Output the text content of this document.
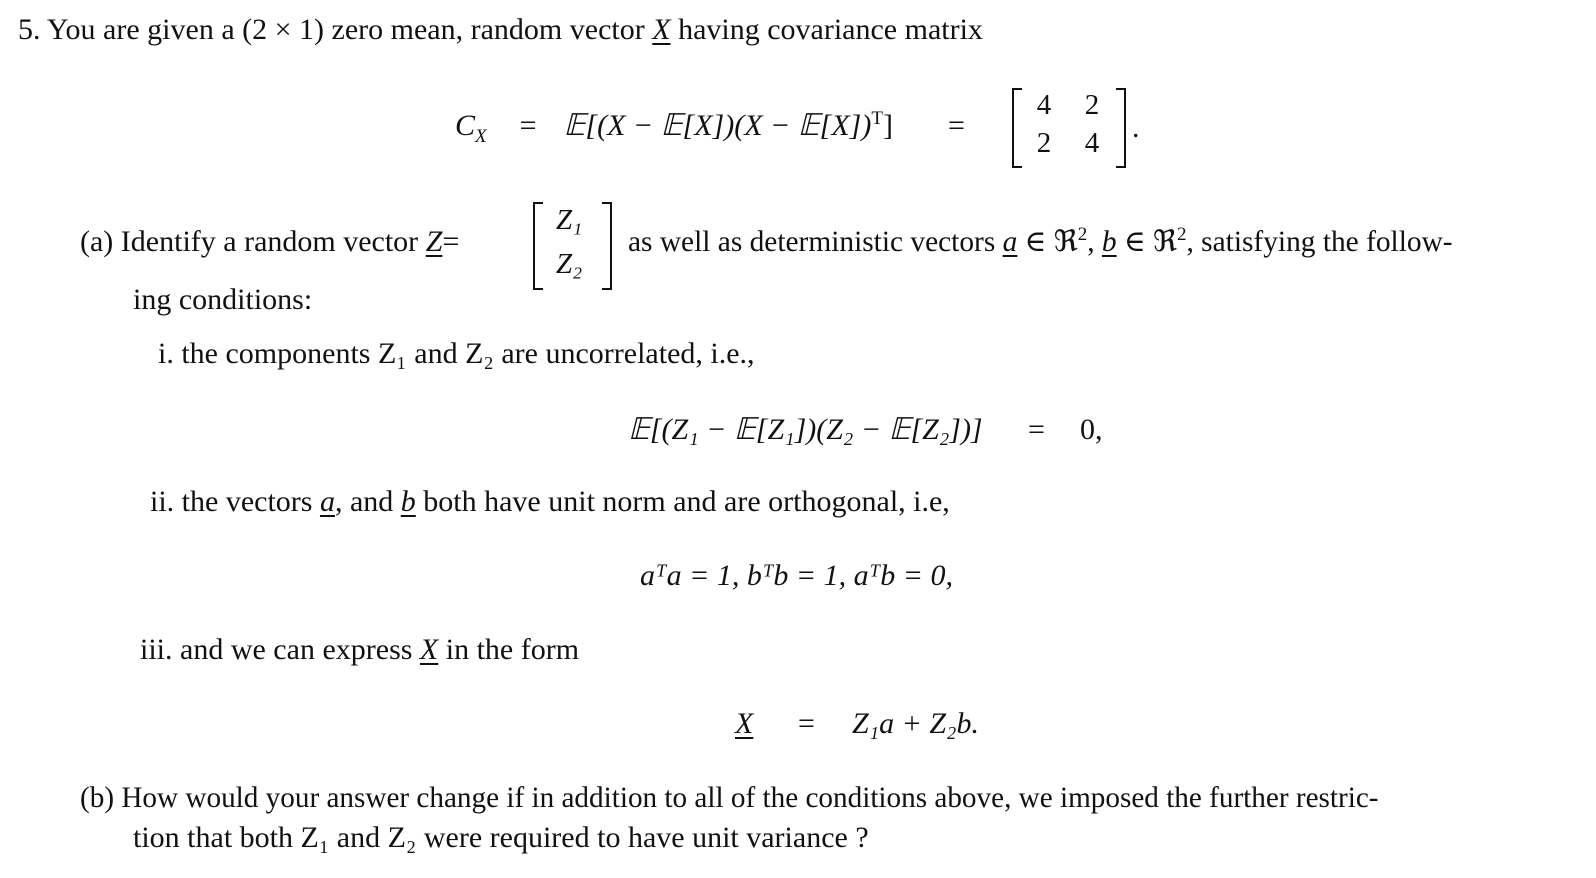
5. You are given a (2 × 1) zero mean, random vector X having covariance matrix
$C_X$ = 𝔼[(X − 𝔼[X])(X − 𝔼[X])$^T$] =
4 2
2 4 .
(a) Identify a random vector Z=
Z₁
Z₂
as well as deterministic vectors a ∈ ℜ$^2$, b ∈ ℜ$^2$, satisfying the follow-
ing conditions:
i. the components Z₁ and Z₂ are uncorrelated, i.e.,
𝔼[(Z₁ − 𝔼[Z₁])(Z₂ − 𝔼[Z₂])] = 0,
ii. the vectors a, and b both have unit norm and are orthogonal, i.e,
aᵀa = 1, bᵀb = 1, aᵀb = 0,
iii. and we can express X in the form
X = Z₁a + Z₂b.
(b) How would your answer change if in addition to all of the conditions above, we imposed the further restric-
tion that both Z₁ and Z₂ were required to have unit variance ?
